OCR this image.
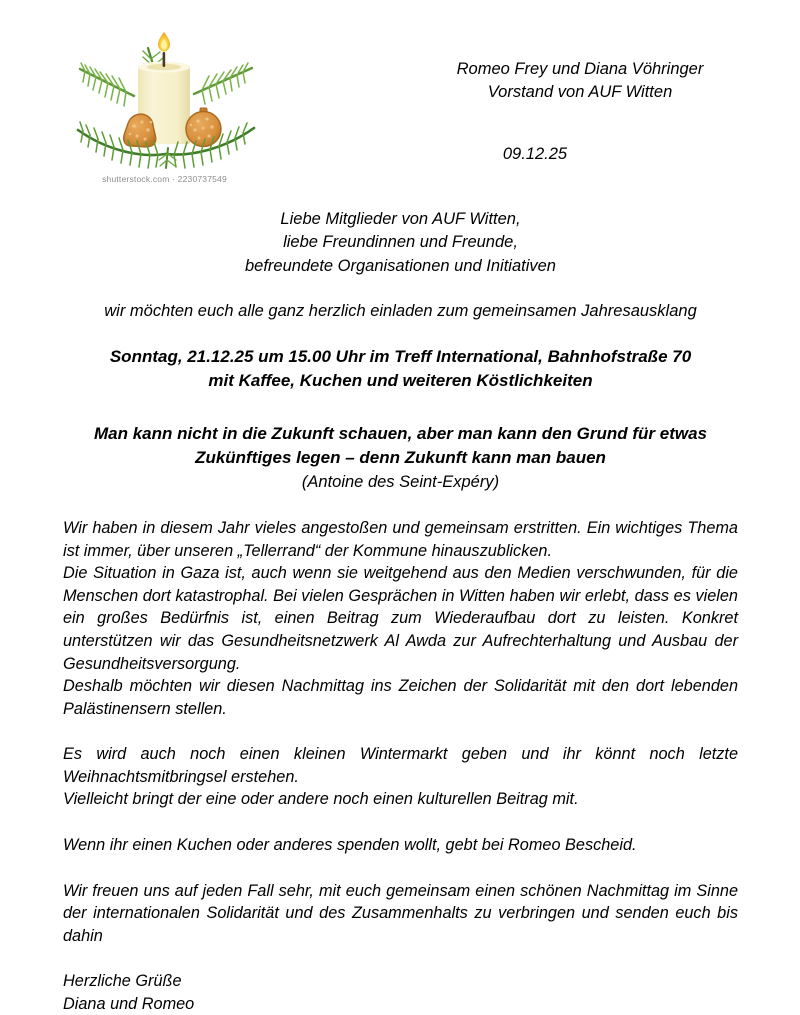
shutterstock.com · 2230737549
Romeo Frey und Diana Vöhringer
Vorstand von AUF Witten
09.12.25
Liebe Mitglieder von AUF Witten,
liebe Freundinnen und Freunde,
befreundete Organisationen und Initiativen
wir möchten euch alle ganz herzlich einladen zum gemeinsamen Jahresausklang
Sonntag, 21.12.25 um 15.00 Uhr im Treff International, Bahnhofstraße 70
mit Kaffee, Kuchen und weiteren Köstlichkeiten
Man kann nicht in die Zukunft schauen, aber man kann den Grund für etwas
Zukünftiges legen – denn Zukunft kann man bauen
(Antoine des Seint-Expéry)

Wir haben in diesem Jahr vieles angestoßen und gemeinsam erstritten. Ein wichtiges Thema ist immer, über unseren „Tellerrand“ der Kommune hinauszublicken.

Die Situation in Gaza ist, auch wenn sie weitgehend aus den Medien verschwunden, für die Menschen dort katastrophal. Bei vielen Gesprächen in Witten haben wir erlebt, dass es vielen ein großes Bedürfnis ist, einen Beitrag zum Wiederaufbau dort zu leisten. Konkret unterstützen wir das Gesundheitsnetzwerk Al Awda zur Aufrechterhaltung und Ausbau der Gesundheitsversorgung.

Deshalb möchten wir diesen Nachmittag ins Zeichen der Solidarität mit den dort lebenden Palästinensern stellen.

Es wird auch noch einen kleinen Wintermarkt geben und ihr könnt noch letzte Weihnachtsmitbringsel erstehen.

Vielleicht bringt der eine oder andere noch einen kulturellen Beitrag mit.

Wenn ihr einen Kuchen oder anderes spenden wollt, gebt bei Romeo Bescheid.

Wir freuen uns auf jeden Fall sehr, mit euch gemeinsam einen schönen Nachmittag im Sinne der internationalen Solidarität und des Zusammenhalts zu verbringen und senden euch bis dahin

Herzliche Grüße
Diana und Romeo
